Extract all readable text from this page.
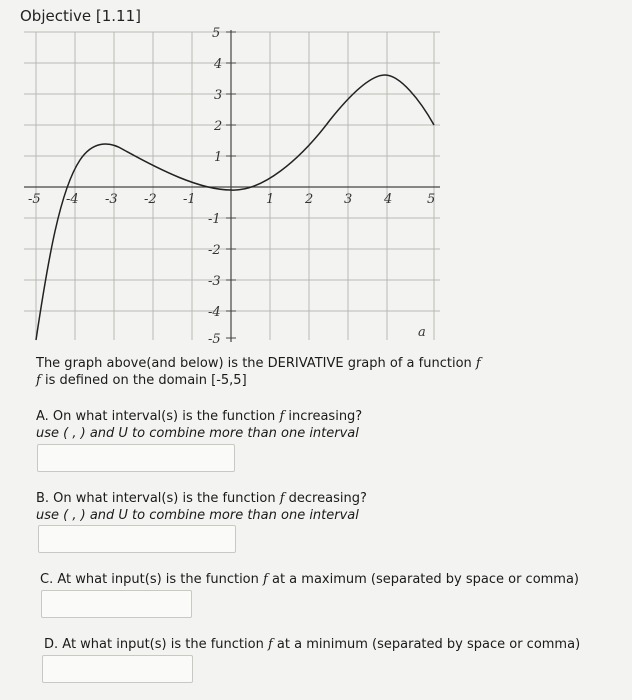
Objective [1.11]
-5 -4 -3 -2 -1	1 2 3 4	5
5
4
3
2
1
-1
-2
-3
-4
-5	a
The graph above(and below) is the DERIVATIVE graph of a function f
f is defined on the domain [-5,5]
A. On what interval(s) is the function f increasing?
use ( , ) and U to combine more than one interval
B. On what interval(s) is the function f decreasing?
use ( , ) and U to combine more than one interval
C. At what input(s) is the function f at a maximum (separated by space or comma)
D. At what input(s) is the function f at a minimum (separated by space or comma)
